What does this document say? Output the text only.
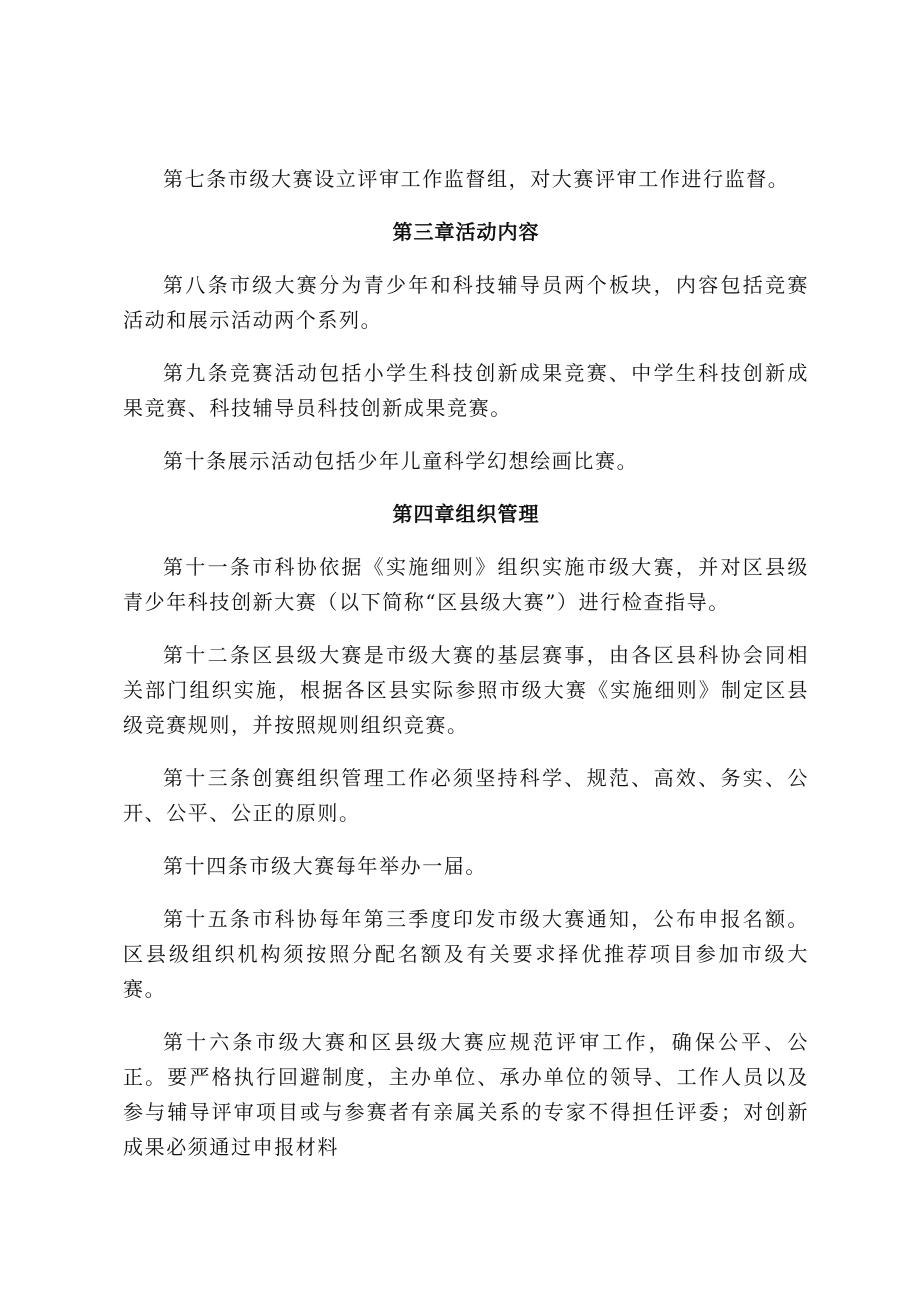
第七条市级大赛设立评审工作监督组，对大赛评审工作进行监督。

第三章活动内容

第八条市级大赛分为青少年和科技辅导员两个板块，内容包括竞赛活动和展示活动两个系列。

第九条竞赛活动包括小学生科技创新成果竞赛、中学生科技创新成果竞赛、科技辅导员科技创新成果竞赛。

第十条展示活动包括少年儿童科学幻想绘画比赛。

第四章组织管理

第十一条市科协依据《实施细则》组织实施市级大赛，并对区县级青少年科技创新大赛（以下简称“区县级大赛”）进行检查指导。

第十二条区县级大赛是市级大赛的基层赛事，由各区县科协会同相关部门组织实施，根据各区县实际参照市级大赛《实施细则》制定区县级竞赛规则，并按照规则组织竞赛。

第十三条创赛组织管理工作必须坚持科学、规范、高效、务实、公开、公平、公正的原则。

第十四条市级大赛每年举办一届。

第十五条市科协每年第三季度印发市级大赛通知，公布申报名额。区县级组织机构须按照分配名额及有关要求择优推荐项目参加市级大赛。

第十六条市级大赛和区县级大赛应规范评审工作，确保公平、公正。要严格执行回避制度，主办单位、承办单位的领导、工作人员以及参与辅导评审项目或与参赛者有亲属关系的专家不得担任评委；对创新成果必须通过申报材料
